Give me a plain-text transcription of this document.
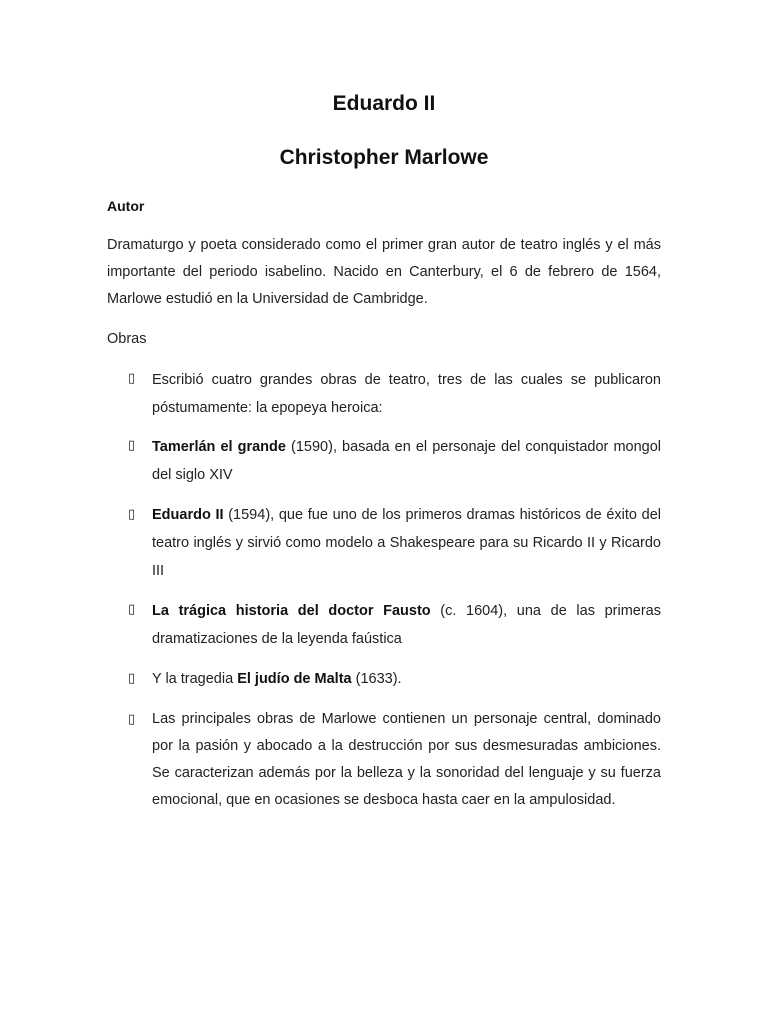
Eduardo II
Christopher Marlowe
Autor

Dramaturgo y poeta considerado como el primer gran autor de teatro inglés y el más importante del periodo isabelino. Nacido en Canterbury, el 6 de febrero de 1564, Marlowe estudió en la Universidad de Cambridge.

Obras

▯ Escribió cuatro grandes obras de teatro, tres de las cuales se publicaron póstumamente: la epopeya heroica:

▯ Tamerlán el grande (1590), basada en el personaje del conquistador mongol del siglo XIV

▯ Eduardo II (1594), que fue uno de los primeros dramas históricos de éxito del teatro inglés y sirvió como modelo a Shakespeare para su Ricardo II y Ricardo III

▯ La trágica historia del doctor Fausto (c. 1604), una de las primeras dramatizaciones de la leyenda faústica

▯ Y la tragedia El judío de Malta (1633).

▯ Las principales obras de Marlowe contienen un personaje central, dominado por la pasión y abocado a la destrucción por sus desmesuradas ambiciones. Se caracterizan además por la belleza y la sonoridad del lenguaje y su fuerza emocional, que en ocasiones se desboca hasta caer en la ampulosidad.
